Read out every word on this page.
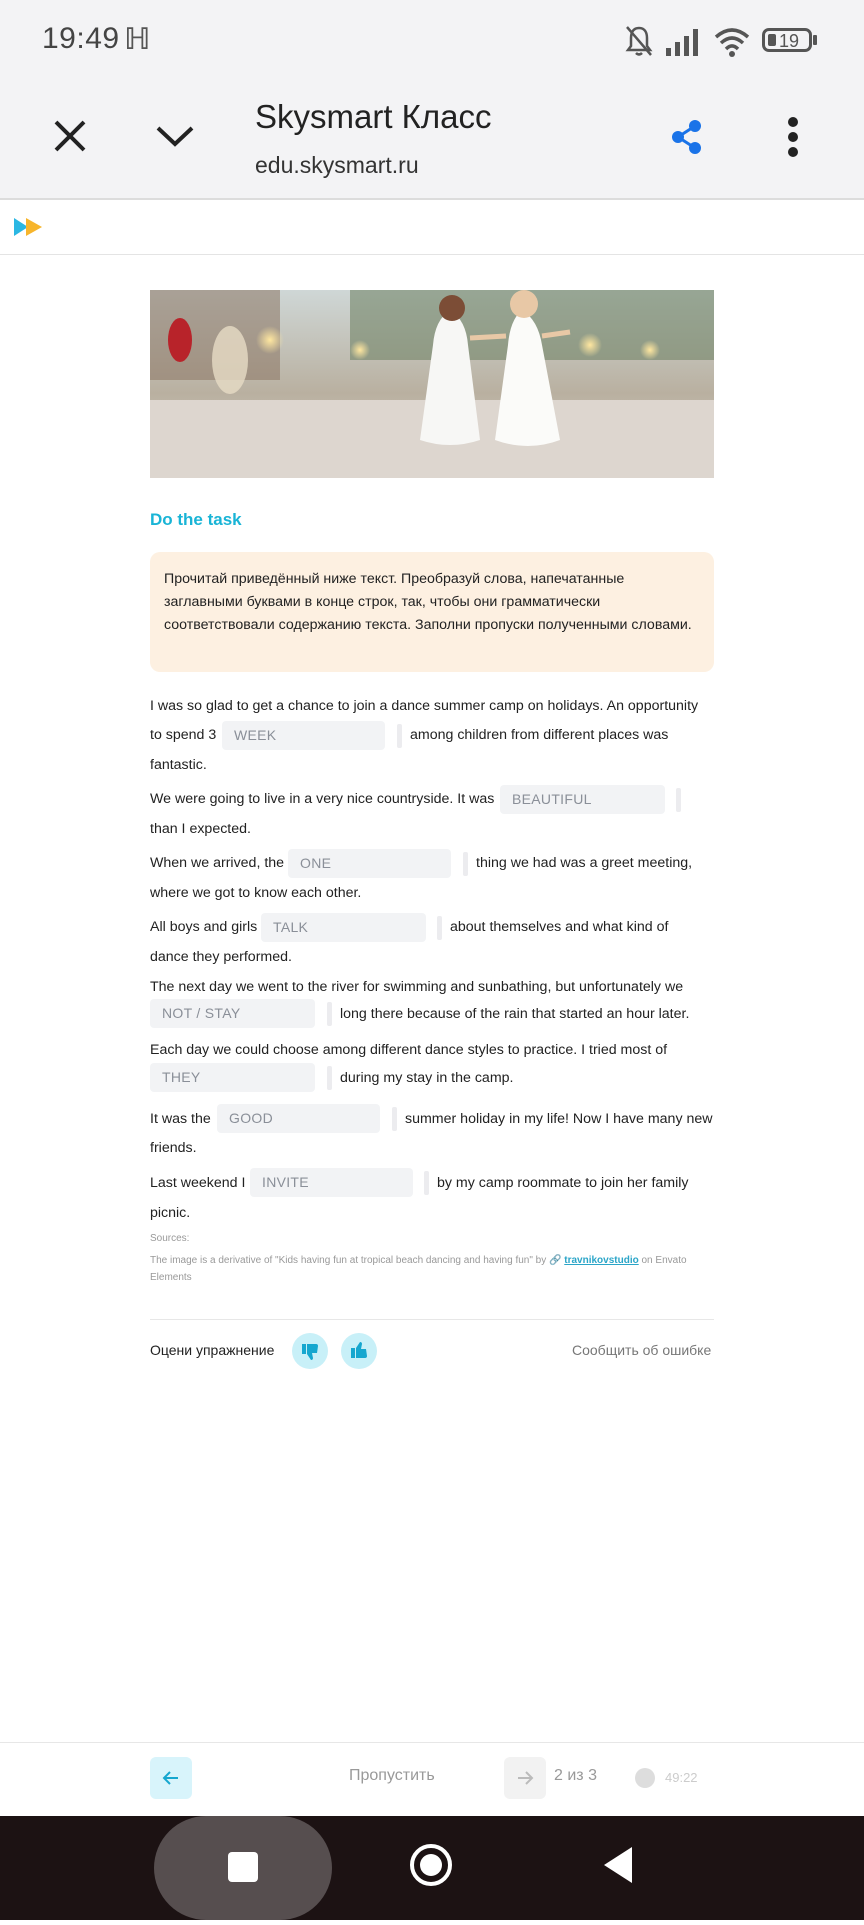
19:49 ℍ	19
Skysmart Класс
edu.skysmart.ru
Do the task
Прочитай приведённый ниже текст. Преобразуй слова, напечатанные заглавными буквами в конце строк, так, чтобы они грамматически соответствовали содержанию текста. Заполни пропуски полученными словами.
I was so glad to get a chance to join a dance summer camp on holidays. An opportunity
to spend 3	WEEK	among children from different places was
fantastic.
We were going to live in a very nice countryside. It was	BEAUTIFUL
than I expected.
When we arrived, the	ONE	thing we had was a greet meeting,
where we got to know each other.
All boys and girls	TALK	about themselves and what kind of
dance they performed.
The next day we went to the river for swimming and sunbathing, but unfortunately we
NOT / STAY	long there because of the rain that started an hour later.
Each day we could choose among different dance styles to practice. I tried most of
THEY	during my stay in the camp.
It was the	GOOD	summer holiday in my life! Now I have many new
friends.
Last weekend I	INVITE	by my camp roommate to join her family
picnic.
Sources:
The image is a derivative of "Kids having fun at tropical beach dancing and having fun" by 🔗 travnikovstudio on Envato Elements
Оцени упражнение	Сообщить об ошибке
Пропустить	2 из 3	49:22
